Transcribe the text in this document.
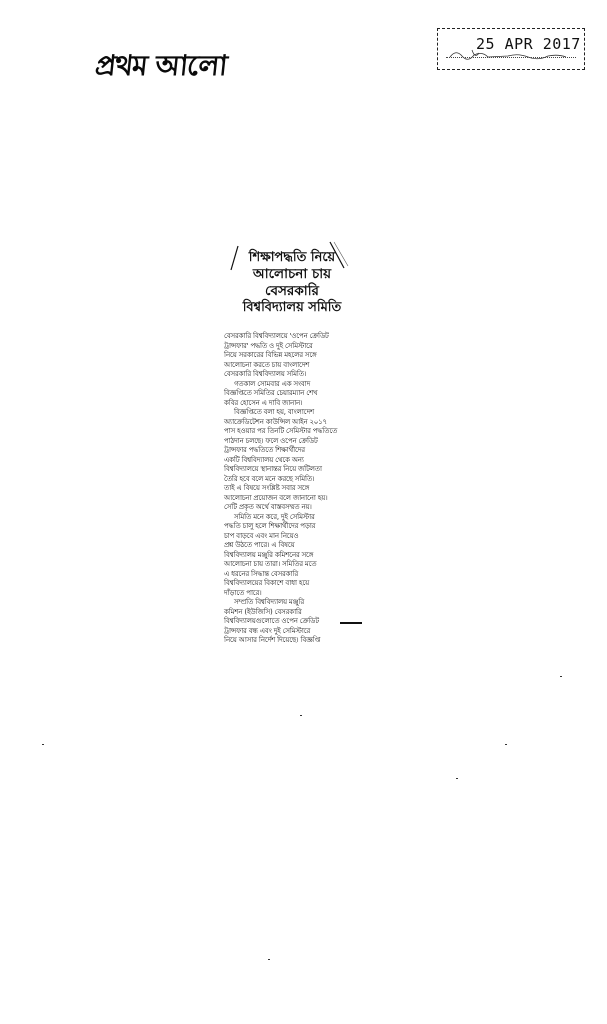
প্রথম আলো
25 APR 2017
শিক্ষাপদ্ধতি নিয়ে
আলোচনা চায়
বেসরকারি
বিশ্ববিদ্যালয় সমিতি
বেসরকারি বিশ্ববিদ্যালয়ে 'ওপেন ক্রেডিট
ট্রান্সফার' পদ্ধতি ও দুই সেমিস্টারে
নিয়ে সরকারের বিভিন্ন মহলের সঙ্গে
আলোচনা করতে চায় বাংলাদেশ
বেসরকারি বিশ্ববিদ্যালয় সমিতি।
গতকাল সোমবার এক সংবাদ
বিজ্ঞপ্তিতে সমিতির চেয়ারম্যান শেখ
কবির হোসেন এ দাবি জানান।
বিজ্ঞপ্তিতে বলা হয়, বাংলাদেশ
অ্যাক্রেডিটেশন কাউন্সিল আইন ২০১৭
পাস হওয়ার পর তিনটি সেমিস্টার পদ্ধতিতে
পাঠদান চলছে। ফলে ওপেন ক্রেডিট
ট্রান্সফার পদ্ধতিতে শিক্ষার্থীদের
একটি বিশ্ববিদ্যালয় থেকে অন্য
বিশ্ববিদ্যালয়ে স্থানান্তর নিয়ে জটিলতা
তৈরি হবে বলে মনে করছে সমিতি।
তাই এ বিষয়ে সংশ্লিষ্ট সবার সঙ্গে
আলোচনা প্রয়োজন বলে জানানো হয়।
সেটি প্রকৃত অর্থে বাস্তবসম্মত নয়।
সমিতি মনে করে, দুই সেমিস্টার
পদ্ধতি চালু হলে শিক্ষার্থীদের পড়ার
চাপ বাড়বে এবং মান নিয়েও
প্রশ্ন উঠতে পারে। এ বিষয়ে
বিশ্ববিদ্যালয় মঞ্জুরি কমিশনের সঙ্গে
আলোচনা চায় তারা। সমিতির মতে
এ ধরনের সিদ্ধান্ত বেসরকারি
বিশ্ববিদ্যালয়ের বিকাশে বাধা হয়ে
দাঁড়াতে পারে।
সম্প্রতি বিশ্ববিদ্যালয় মঞ্জুরি
কমিশন (ইউজিসি) বেসরকারি
বিশ্ববিদ্যালয়গুলোতে ওপেন ক্রেডিট
ট্রান্সফার বন্ধ এবং দুই সেমিস্টারে
নিয়ে আসার নির্দেশ দিয়েছে। বিজ্ঞপ্তি
